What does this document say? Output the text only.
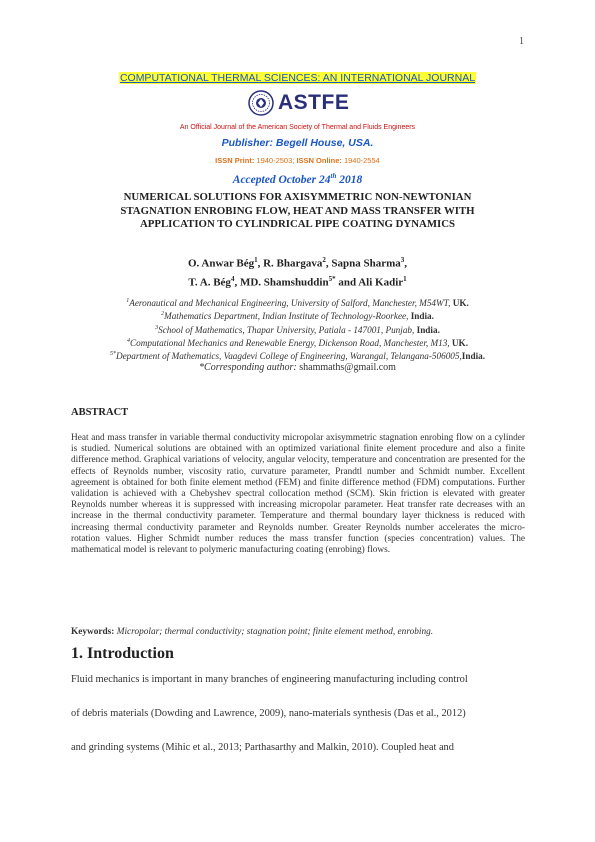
1
COMPUTATIONAL THERMAL SCIENCES: AN INTERNATIONAL JOURNAL
ASTFE
An Official Journal of the American Society of Thermal and Fluids Engineers
Publisher: Begell House, USA.
ISSN Print: 1940-2503; ISSN Online: 1940-2554
Accepted October 24th 2018
NUMERICAL SOLUTIONS FOR AXISYMMETRIC NON-NEWTONIAN
STAGNATION ENROBING FLOW, HEAT AND MASS TRANSFER WITH
APPLICATION TO CYLINDRICAL PIPE COATING DYNAMICS
O. Anwar Bég$^1$, R. Bhargava$^2$, Sapna Sharma$^3$,
T. A. Bég$^4$, MD. Shamshuddin$^{5*}$ and Ali Kadir$^1$
$^1$Aeronautical and Mechanical Engineering, University of Salford, Manchester, M54WT, UK.
$^2$Mathematics Department, Indian Institute of Technology-Roorkee, India.
$^3$School of Mathematics, Thapar University, Patiala - 147001, Punjab, India.
$^4$Computational Mechanics and Renewable Energy, Dickenson Road, Manchester, M13, UK.
$^{5*}$Department of Mathematics, Vaagdevi College of Engineering, Warangal, Telangana-506005,India.
*Corresponding author: shammaths@gmail.com
ABSTRACT
Heat and mass transfer in variable thermal conductivity micropolar axisymmetric stagnation enrobing flow on a cylinder is studied. Numerical solutions are obtained with an optimized variational finite element procedure and also a finite difference method. Graphical variations of velocity, angular velocity, temperature and concentration are presented for the effects of Reynolds number, viscosity ratio, curvature parameter, Prandtl number and Schmidt number. Excellent agreement is obtained for both finite element method (FEM) and finite difference method (FDM) computations. Further validation is achieved with a Chebyshev spectral collocation method (SCM). Skin friction is elevated with greater Reynolds number whereas it is suppressed with increasing micropolar parameter. Heat transfer rate decreases with an increase in the thermal conductivity parameter. Temperature and thermal boundary layer thickness is reduced with increasing thermal conductivity parameter and Reynolds number. Greater Reynolds number accelerates the micro-rotation values. Higher Schmidt number reduces the mass transfer function (species concentration) values. The mathematical model is relevant to polymeric manufacturing coating (enrobing) flows.
Keywords: Micropolar; thermal conductivity; stagnation point; finite element method, enrobing.
1. Introduction
Fluid mechanics is important in many branches of engineering manufacturing including control
of debris materials (Dowding and Lawrence, 2009), nano-materials synthesis (Das et al., 2012)
and grinding systems (Mihic et al., 2013; Parthasarthy and Malkin, 2010). Coupled heat and
